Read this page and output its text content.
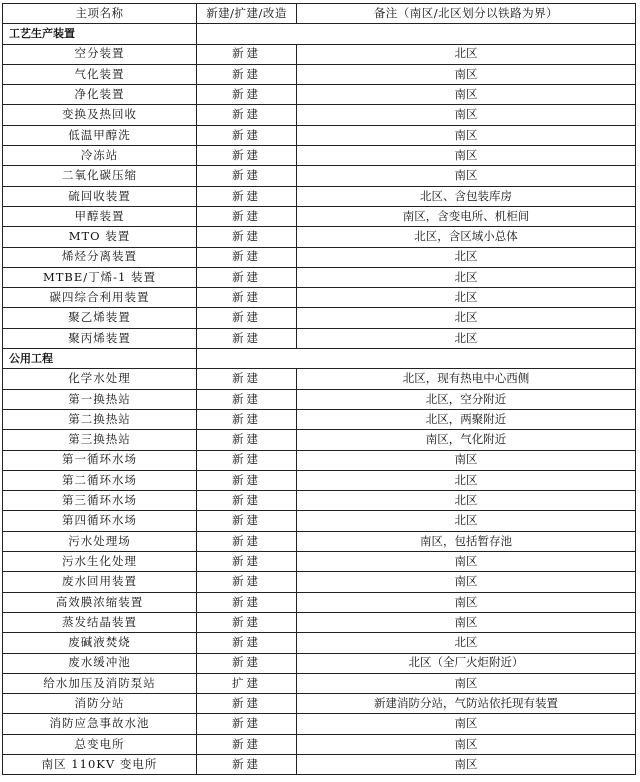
主项名称	新建/扩建/改造	备注（南区/北区划分以铁路为界）
工艺生产装置		
空分装置	新建	北区
气化装置	新建	南区
净化装置	新建	南区
变换及热回收	新建	南区
低温甲醇洗	新建	南区
冷冻站	新建	南区
二氧化碳压缩	新建	南区
硫回收装置	新建	北区、含包装库房
甲醇装置	新建	南区，含变电所、机柜间
MTO 装置	新建	北区，含区域小总体
烯烃分离装置	新建	北区
MTBE/丁烯-1 装置	新建	北区
碳四综合利用装置	新建	北区
聚乙烯装置	新建	北区
聚丙烯装置	新建	北区
公用工程		
化学水处理	新建	北区，现有热电中心西侧
第一换热站	新建	北区，空分附近
第二换热站	新建	北区，两聚附近
第三换热站	新建	南区，气化附近
第一循环水场	新建	南区
第二循环水场	新建	北区
第三循环水场	新建	北区
第四循环水场	新建	北区
污水处理场	新建	南区，包括暂存池
污水生化处理	新建	南区
废水回用装置	新建	南区
高效膜浓缩装置	新建	南区
蒸发结晶装置	新建	南区
废碱液焚烧	新建	北区
废水缓冲池	新建	北区（全厂火炬附近）
给水加压及消防泵站	扩建	南区
消防分站	新建	新建消防分站，气防站依托现有装置
消防应急事故水池	新建	南区
总变电所	新建	南区
南区 110KV 变电所	新建	南区
